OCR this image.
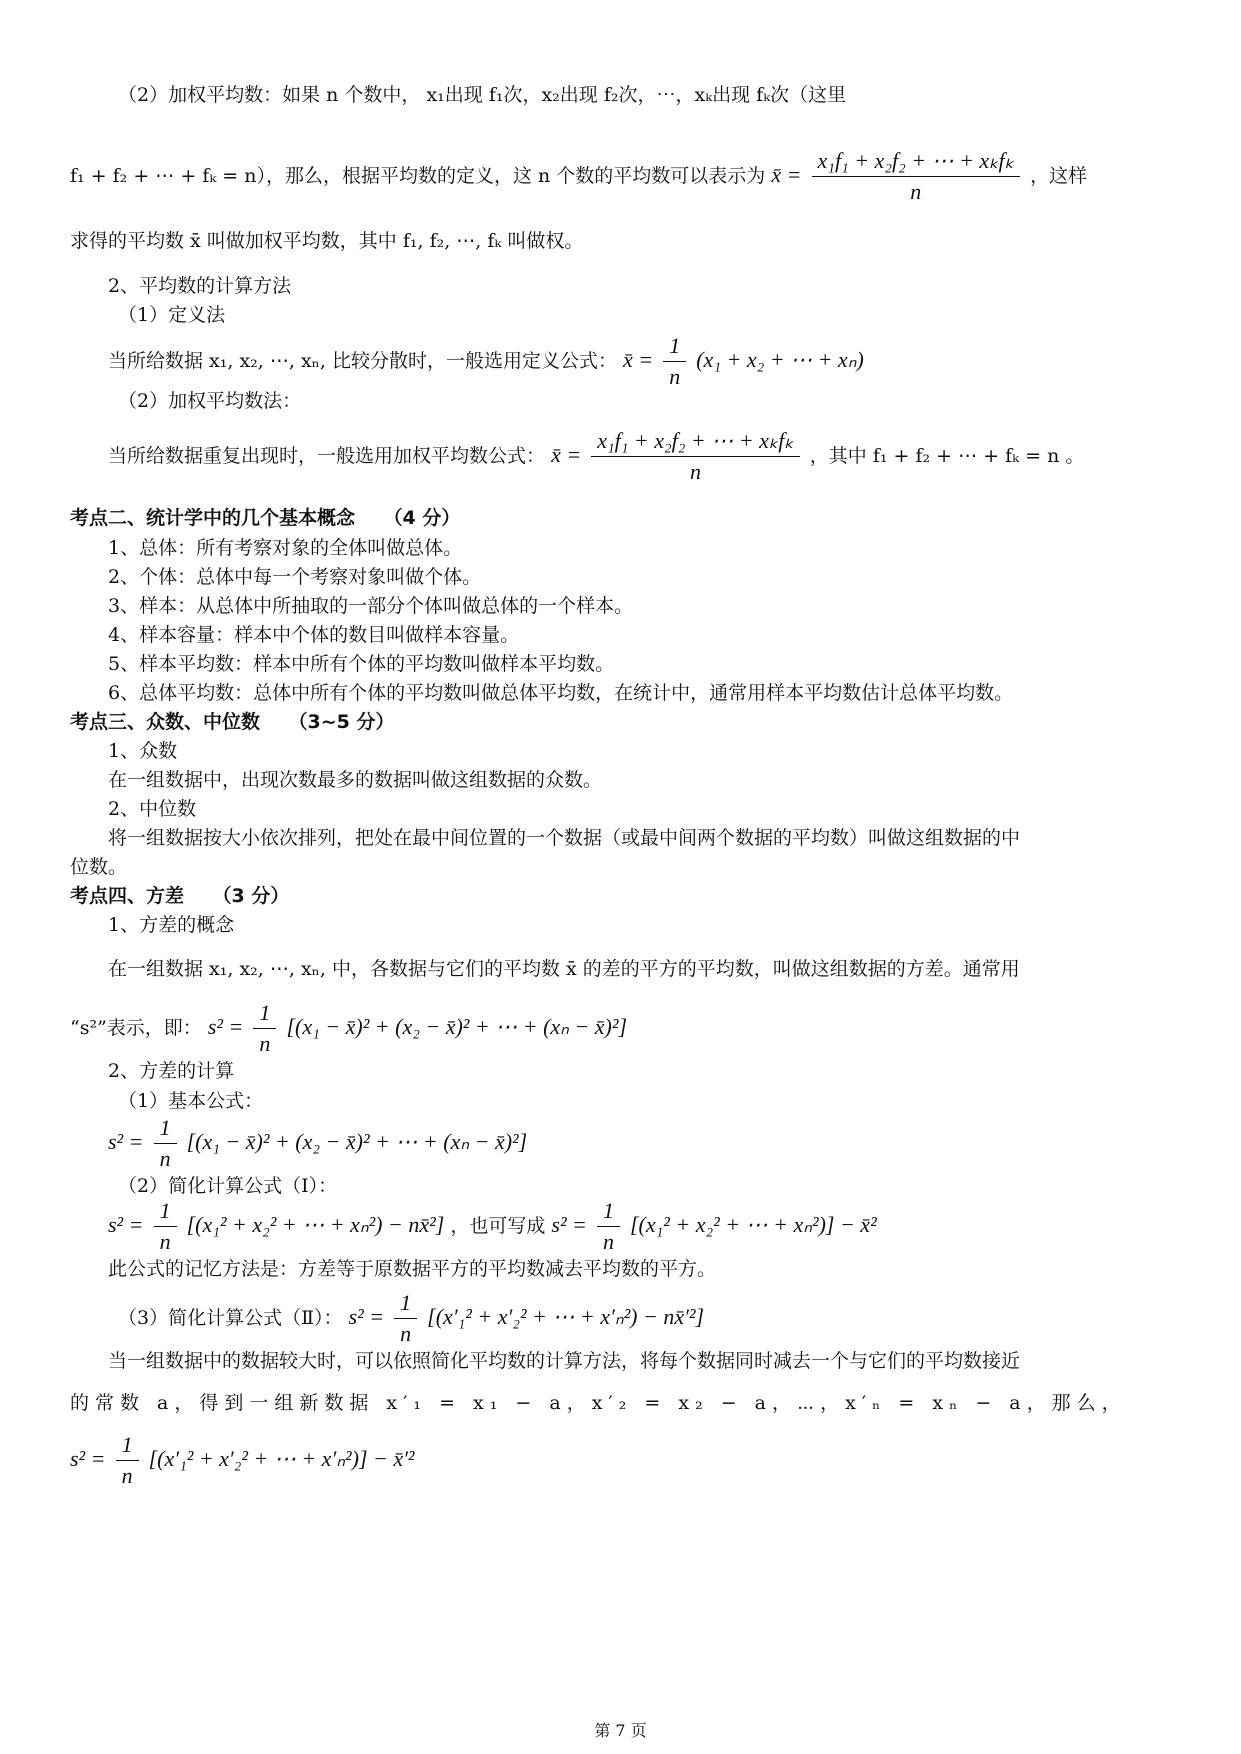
（2）加权平均数：如果 n 个数中， x₁出现 f₁次，x₂出现 f₂次，⋯，xₖ出现 fₖ次（这里
f₁ + f₂ + ⋯ + fₖ = n），那么，根据平均数的定义，这 n 个数的平均数可以表示为 x̄ = $\frac{\text{x₁f₁ + x₂f₂ + ⋯ + xₖfₖ}}{n}$ ，这样
求得的平均数 x̄ 叫做加权平均数，其中 f₁, f₂, ⋯, fₖ 叫做权。
2、平均数的计算方法
（1）定义法
当所给数据 x₁, x₂, ⋯, xₙ, 比较分散时，一般选用定义公式： x̄ = $\frac{1}{n} (x_1 + x_2$ + ⋯ + xₙ)
（2）加权平均数法：
当所给数据重复出现时，一般选用加权平均数公式： x̄ = $\frac{\text{x₁f₁ + x₂f₂ + ⋯ + xₖfₖ}}{n}$ ，其中 f₁ + f₂ + ⋯ + fₖ = n 。
考点二、统计学中的几个基本概念　　（4 分）
1、总体：所有考察对象的全体叫做总体。
2、个体：总体中每一个考察对象叫做个体。
3、样本：从总体中所抽取的一部分个体叫做总体的一个样本。
4、样本容量：样本中个体的数目叫做样本容量。
5、样本平均数：样本中所有个体的平均数叫做样本平均数。
6、总体平均数：总体中所有个体的平均数叫做总体平均数，在统计中，通常用样本平均数估计总体平均数。
考点三、众数、中位数　　（3~5 分）
1、众数
在一组数据中，出现次数最多的数据叫做这组数据的众数。
2、中位数
将一组数据按大小依次排列，把处在最中间位置的一个数据（或最中间两个数据的平均数）叫做这组数据的中
位数。
考点四、方差　　（3 分）
1、方差的概念
在一组数据 x₁, x₂, ⋯, xₙ, 中，各数据与它们的平均数 x̄ 的差的平方的平均数，叫做这组数据的方差。通常用
“s²”表示，即： $s^2 = \frac{1}{n} [(x_1$ − x̄)² + (x₂ − x̄)² + ⋯ + (xₙ − x̄)²]
2、方差的计算
（1）基本公式：
$s^2 = \frac{1}{n} [(x_1$ − x̄)² + (x₂ − x̄)² + ⋯ + (xₙ − x̄)²]
（2）简化计算公式（Ⅰ）：
$s^2 = \frac{1}{n} [(x_1^2 + x_2^2$ + ⋯ + xₙ²) − nx̄²] ，也可写成 $s^2 = \frac{1}{n} [(x_1^2 + x_2^2$ + ⋯ + xₙ²)] − x̄²
此公式的记忆方法是：方差等于原数据平方的平均数减去平均数的平方。
（3）简化计算公式（Ⅱ）： $s^2 = \frac{1}{n} [(x'_1^2 + x'_2^2$ + ⋯ + x′ₙ²) − nx̄′²]
当一组数据中的数据较大时，可以依照简化平均数的计算方法，将每个数据同时减去一个与它们的平均数接近
的常数 a，得到一组新数据 x′₁ = x₁ − a，x′₂ = x₂ − a，⋯，x′ₙ = xₙ − a，那么，
$s^2 = \frac{1}{n} [(x'_1^2 + x'_2^2$ + ⋯ + x′ₙ²)] − x̄′²
第 7 页
